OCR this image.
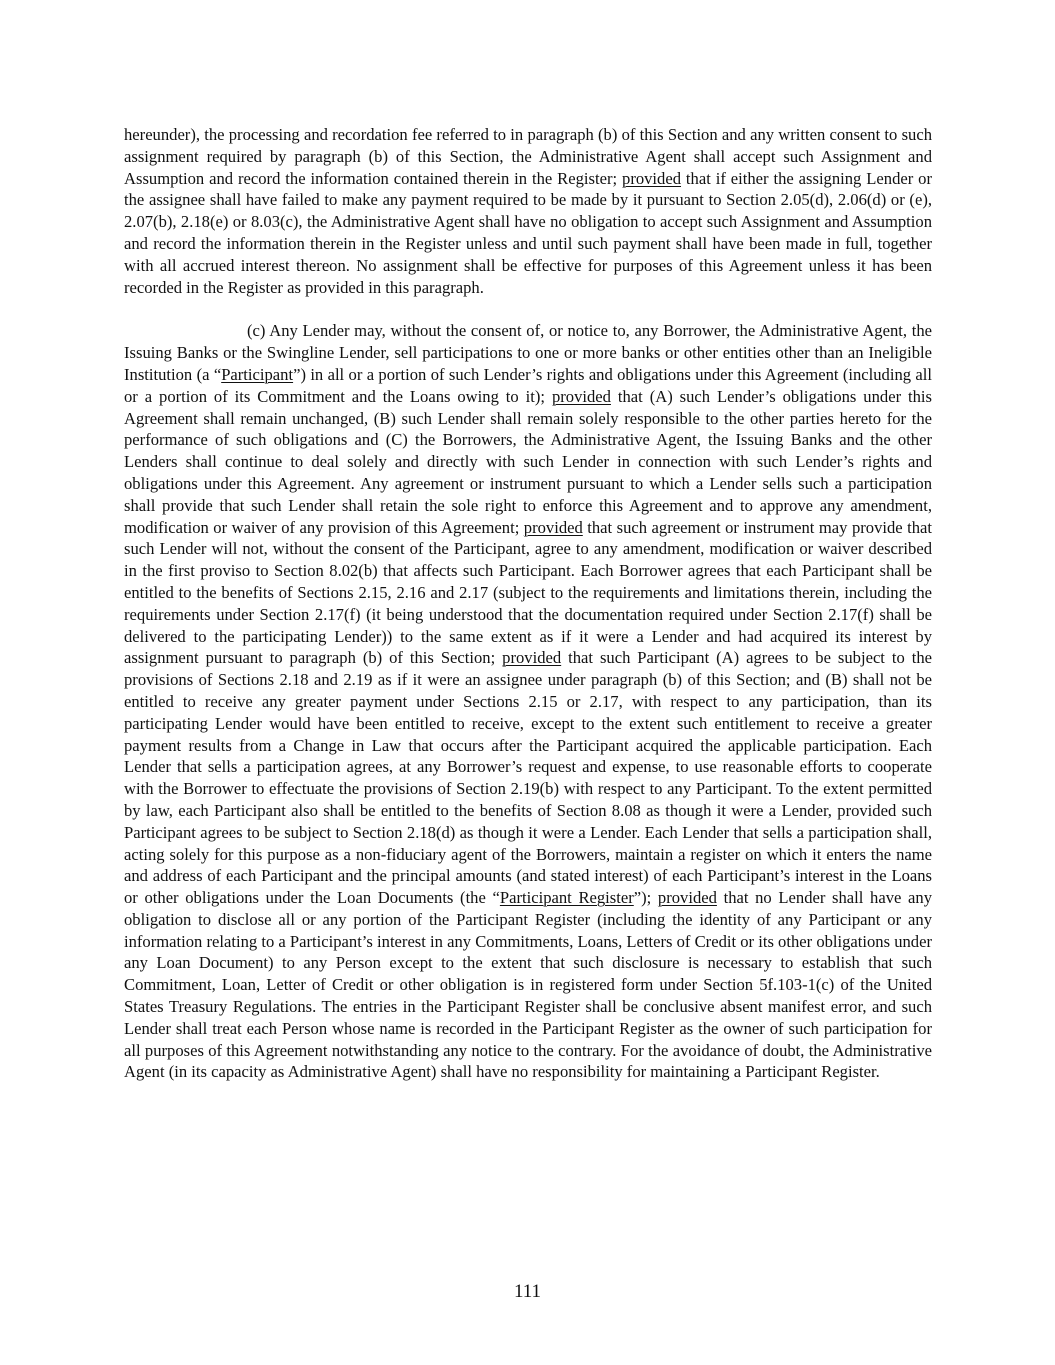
hereunder), the processing and recordation fee referred to in paragraph (b) of this Section and any written consent to such assignment required by paragraph (b) of this Section, the Administrative Agent shall accept such Assignment and Assumption and record the information contained therein in the Register; provided that if either the assigning Lender or the assignee shall have failed to make any payment required to be made by it pursuant to Section 2.05(d), 2.06(d) or (e), 2.07(b), 2.18(e) or 8.03(c), the Administrative Agent shall have no obligation to accept such Assignment and Assumption and record the information therein in the Register unless and until such payment shall have been made in full, together with all accrued interest thereon. No assignment shall be effective for purposes of this Agreement unless it has been recorded in the Register as provided in this paragraph.

(c) Any Lender may, without the consent of, or notice to, any Borrower, the Administrative Agent, the Issuing Banks or the Swingline Lender, sell participations to one or more banks or other entities other than an Ineligible Institution (a “Participant”) in all or a portion of such Lender’s rights and obligations under this Agreement (including all or a portion of its Commitment and the Loans owing to it); provided that (A) such Lender’s obligations under this Agreement shall remain unchanged, (B) such Lender shall remain solely responsible to the other parties hereto for the performance of such obligations and (C) the Borrowers, the Administrative Agent, the Issuing Banks and the other Lenders shall continue to deal solely and directly with such Lender in connection with such Lender’s rights and obligations under this Agreement. Any agreement or instrument pursuant to which a Lender sells such a participation shall provide that such Lender shall retain the sole right to enforce this Agreement and to approve any amendment, modification or waiver of any provision of this Agreement; provided that such agreement or instrument may provide that such Lender will not, without the consent of the Participant, agree to any amendment, modification or waiver described in the first proviso to Section 8.02(b) that affects such Participant. Each Borrower agrees that each Participant shall be entitled to the benefits of Sections 2.15, 2.16 and 2.17 (subject to the requirements and limitations therein, including the requirements under Section 2.17(f) (it being understood that the documentation required under Section 2.17(f) shall be delivered to the participating Lender)) to the same extent as if it were a Lender and had acquired its interest by assignment pursuant to paragraph (b) of this Section; provided that such Participant (A) agrees to be subject to the provisions of Sections 2.18 and 2.19 as if it were an assignee under paragraph (b) of this Section; and (B) shall not be entitled to receive any greater payment under Sections 2.15 or 2.17, with respect to any participation, than its participating Lender would have been entitled to receive, except to the extent such entitlement to receive a greater payment results from a Change in Law that occurs after the Participant acquired the applicable participation. Each Lender that sells a participation agrees, at any Borrower’s request and expense, to use reasonable efforts to cooperate with the Borrower to effectuate the provisions of Section 2.19(b) with respect to any Participant. To the extent permitted by law, each Participant also shall be entitled to the benefits of Section 8.08 as though it were a Lender, provided such Participant agrees to be subject to Section 2.18(d) as though it were a Lender. Each Lender that sells a participation shall, acting solely for this purpose as a non-fiduciary agent of the Borrowers, maintain a register on which it enters the name and address of each Participant and the principal amounts (and stated interest) of each Participant’s interest in the Loans or other obligations under the Loan Documents (the “Participant Register”); provided that no Lender shall have any obligation to disclose all or any portion of the Participant Register (including the identity of any Participant or any information relating to a Participant’s interest in any Commitments, Loans, Letters of Credit or its other obligations under any Loan Document) to any Person except to the extent that such disclosure is necessary to establish that such Commitment, Loan, Letter of Credit or other obligation is in registered form under Section 5f.103-1(c) of the United States Treasury Regulations. The entries in the Participant Register shall be conclusive absent manifest error, and such Lender shall treat each Person whose name is recorded in the Participant Register as the owner of such participation for all purposes of this Agreement notwithstanding any notice to the contrary. For the avoidance of doubt, the Administrative Agent (in its capacity as Administrative Agent) shall have no responsibility for maintaining a Participant Register.

111
